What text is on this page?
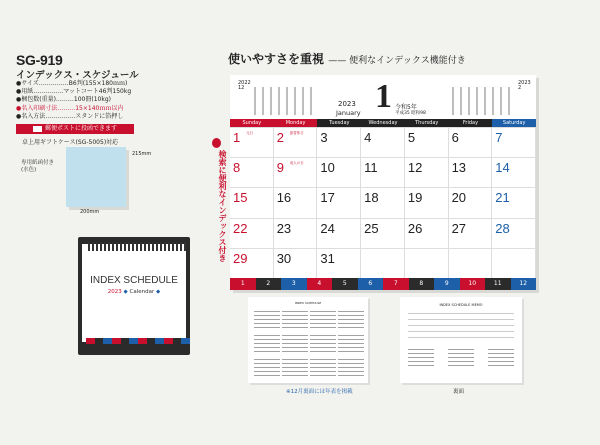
SG-919
インデックス・スケジュール
●サイズ……………B6判(155×180ｍｍ)
●用紙……………マットコート46判150kg
●梱包数(重量)………100冊(10kg)
●名入印刷寸法………15×140ｍｍ以内
●名入方法……………スタンドに箔押し
郵便ポストに投函できます
卓上用ギフトケース(SG-5005)対応
専用紙函付き(水色)
215mm
200mm
INDEX SCHEDULE
2023 ◆ Calendar ◆
使いやすさを重視 —— 便利なインデックス機能付き
検索に便利なインデックス付き
2022
12
2023
January 1 令和5年
平成35 昭和98
2023
2
Sunday	Monday	Tuesday	Wednesday	Thursday	Friday	Saturday
1 元日 2 振替休日 3	4	5	6	7
8	9 成人の日 10 11 12 13 14
15 16 17 18 19 20 21
22 23 24 25 26 27 28
29 30 31
1	2	3	4	5	6	7	8	9	10	11	12
INDEX SCHEDULE	INDEX SCHEDULE MEMO
※12月裏面には年表を掲載	裏面
